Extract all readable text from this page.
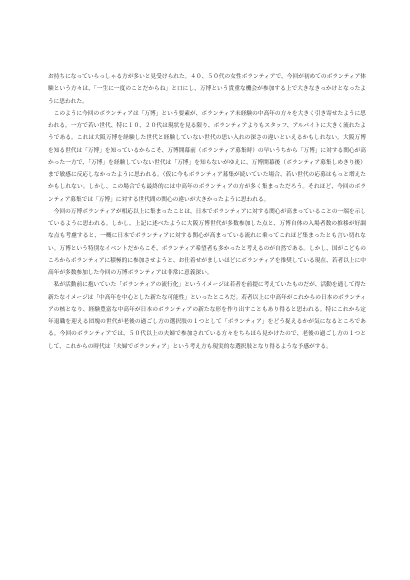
お持ちになっていらっしゃる方が多いと見受けられた。４０、５０代の女性ボランティアで、今回が初めてのボランティア体験という方々は、「一生に一度のことだからね」と口にし、万博という貴重な機会が参加する上で大きなきっかけとなったように思われた。

このように今回のボランティアは「万博」という要素が、ボランティア未経験の中高年の方々を大きく引き寄せたように思われる。一方で若い世代、特に１０、２０代は現状を見る限り、ボランティアよりもスタッフ、アルバイトに大きく流れたようである。これは大阪万博を経験した世代と経験していない世代の思い入れの深さの違いといえるかもしれない。大阪万博を知る世代は「万博」を知っているからこそ、万博開幕前（ボランティア募集時）の早いうちから「万博」に対する関心が高かった一方で、「万博」を経験していない世代は「万博」を知らないがゆえに、万博開幕後（ボランティア募集しめきり後）まで敏感に反応しなかったように思われる。（仮に今もボランティア募集が続いていた場合、若い世代の応募はもっと増えたかもしれない。しかし、この場合でも最終的には中高年のボランティアの方が多く集まっただろう。それほど、今回のボランティア募集では「万博」に対する世代間の関心の違いが大きかったように思われる。

今回の万博ボランティアが相応以上に集まったことは、日本でボランティアに対する関心が高まっていることの一端を示しているように思われる。しかし、上記に述べたように大阪万博世代が多数参加した点と、万博自体の入場者数の推移が好調な点も考慮すると、一概に日本でボランティアに対する関心が高まっている流れに乗ってこれほど集まったとも言い切れない。万博という特別なイベントだからこそ、ボランティア希望者も多かったと考えるのが自然である。しかし、国がこどものころからボランティアに積極的に参加させようと、お仕着せがましいほどにボランティアを推奨している現在、若者以上に中高年が多数参加した今回の万博ボランティアは非常に意義深い。

私が活動前に抱いていた「ボランティアの流行化」というイメージは若者を前提に考えていたものだが、活動を通して得た新たなイメージは「中高年を中心とした新たな可能性」といったところだ。若者以上に中高年がこれからの日本のボランティアの核となり、経験豊富な中高年が日本のボランティアの新たな形を作り出すこともあり得ると思われる。特にこれから定年退職を迎える団塊の世代が老後の過ごし方の選択肢の１つとして「ボランティア」をどう捉えるかが気になるところである。今回のボランティアでは、５０代以上の夫婦で参加されている方々をちらほら見かけたので、老後の過ごし方の１つとして、これからの時代は「夫婦でボランティア」という考え方も現実的な選択肢となり得るような予感がする。
